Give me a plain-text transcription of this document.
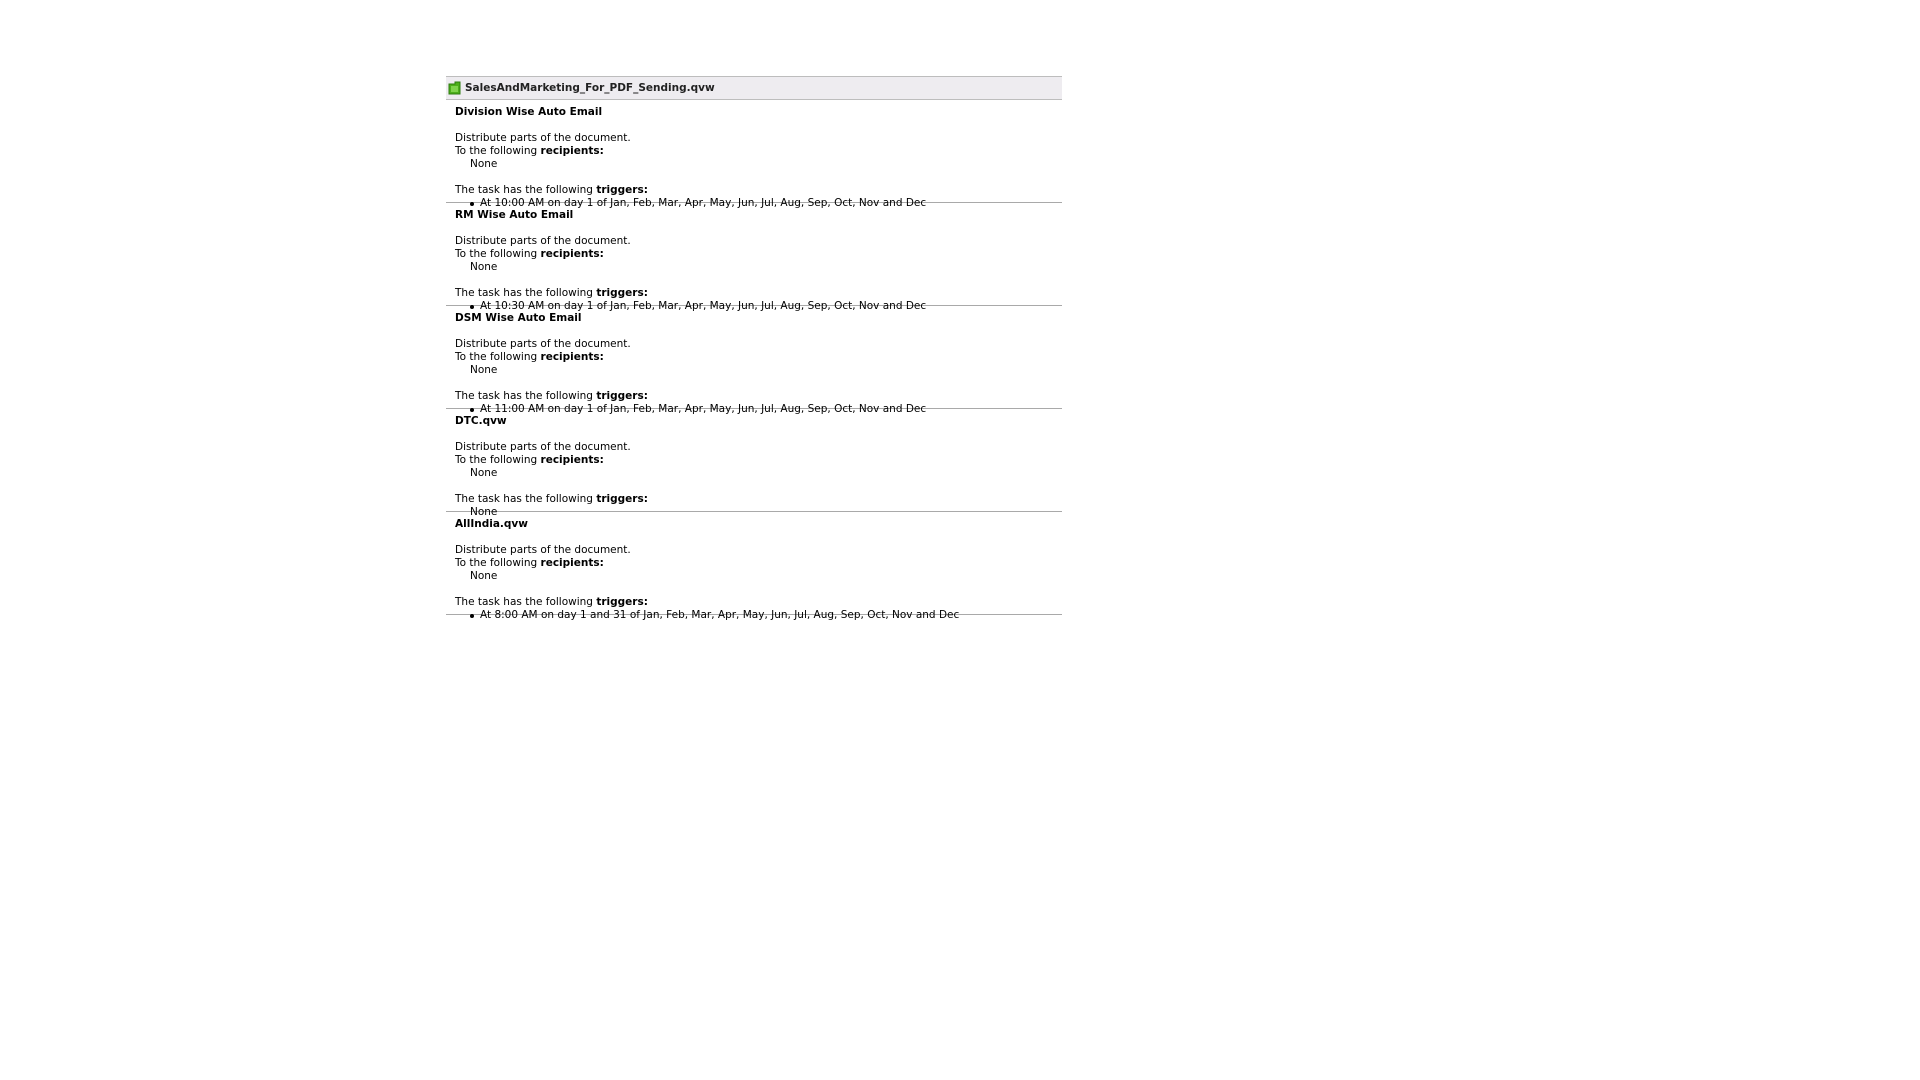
SalesAndMarketing_For_PDF_Sending.qvw
Division Wise Auto Email
Distribute parts of the document.
To the following recipients:
None
The task has the following triggers:
At 10:00 AM on day 1 of Jan, Feb, Mar, Apr, May, Jun, Jul, Aug, Sep, Oct, Nov and Dec
RM Wise Auto Email
Distribute parts of the document.
To the following recipients:
None
The task has the following triggers:
At 10:30 AM on day 1 of Jan, Feb, Mar, Apr, May, Jun, Jul, Aug, Sep, Oct, Nov and Dec
DSM Wise Auto Email
Distribute parts of the document.
To the following recipients:
None
The task has the following triggers:
At 11:00 AM on day 1 of Jan, Feb, Mar, Apr, May, Jun, Jul, Aug, Sep, Oct, Nov and Dec
DTC.qvw
Distribute parts of the document.
To the following recipients:
None
The task has the following triggers:
None
AllIndia.qvw
Distribute parts of the document.
To the following recipients:
None
The task has the following triggers:
At 8:00 AM on day 1 and 31 of Jan, Feb, Mar, Apr, May, Jun, Jul, Aug, Sep, Oct, Nov and Dec
